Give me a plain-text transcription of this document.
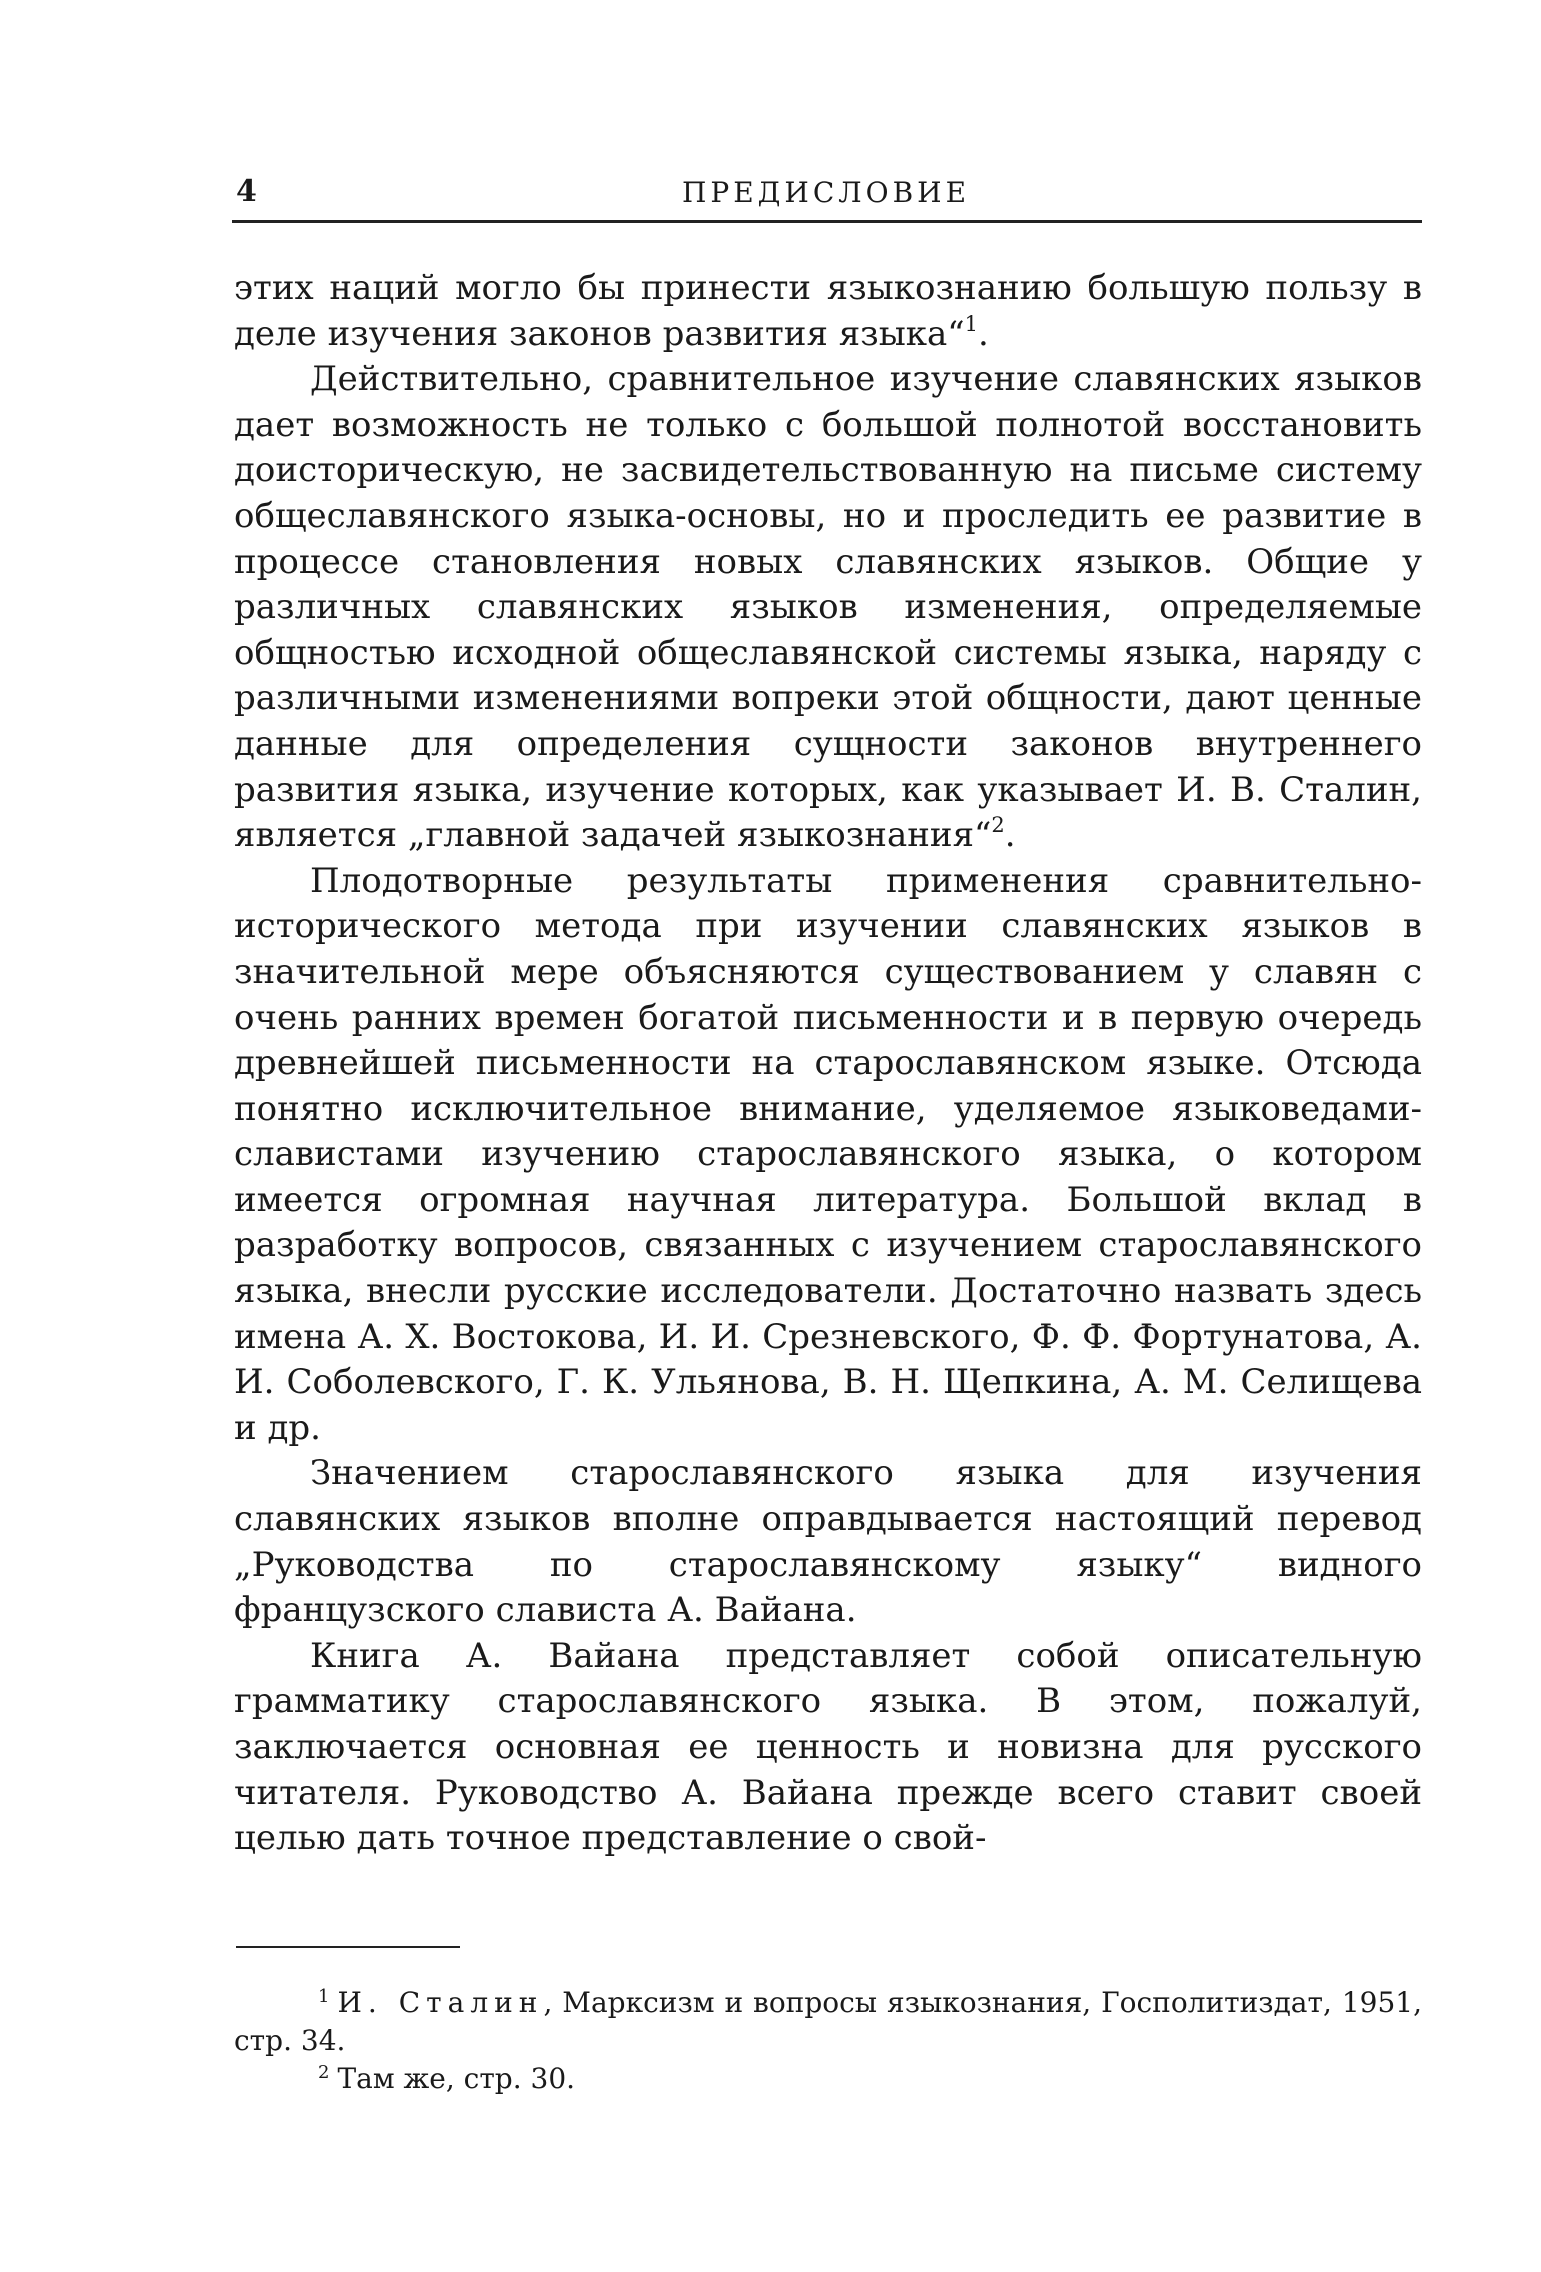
4	ПРЕДИСЛОВИЕ

этих наций могло бы принести языкознанию большую пользу в деле изучения законов развития языка“$^1$.

Действительно, сравнительное изучение славянских языков дает возможность не только с большой полнотой восстановить доисторическую, не засвидетельствованную на письме систему общеславянского языка-основы, но и проследить ее развитие в процессе становления новых славянских языков. Общие у различных славянских языков изменения, определяемые общностью исходной общеславянской системы языка, наряду с различными изменениями вопреки этой общности, дают ценные данные для определения сущности законов внутреннего развития языка, изучение которых, как указывает И. В. Сталин, является „главной задачей языкознания“$^2$.

Плодотворные результаты применения сравнительно-исторического метода при изучении славянских языков в значительной мере объясняются существованием у славян с очень ранних времен богатой письменности и в первую очередь древнейшей письменности на старославянском языке. Отсюда понятно исключительное внимание, уделяемое языковедами-славистами изучению старославянского языка, о котором имеется огромная научная литература. Большой вклад в разработку вопросов, связанных с изучением старославянского языка, внесли русские исследователи. Достаточно назвать здесь имена А. Х. Востокова, И. И. Срезневского, Ф. Ф. Фортунатова, А. И. Соболевского, Г. К. Ульянова, В. Н. Щепкина, А. М. Селищева и др.

Значением старославянского языка для изучения славянских языков вполне оправдывается настоящий перевод „Руководства по старославянскому языку“ видного французского слависта А. Вайана.

Книга А. Вайана представляет собой описательную грамматику старославянского языка. В этом, пожалуй, заключается основная ее ценность и новизна для русского читателя. Руководство А. Вайана прежде всего ставит своей целью дать точное представление о свой-

$^1$ И. Сталин, Марксизм и вопросы языкознания, Госполитиздат, 1951, стр. 34.

$^2$ Там же, стр. 30.
